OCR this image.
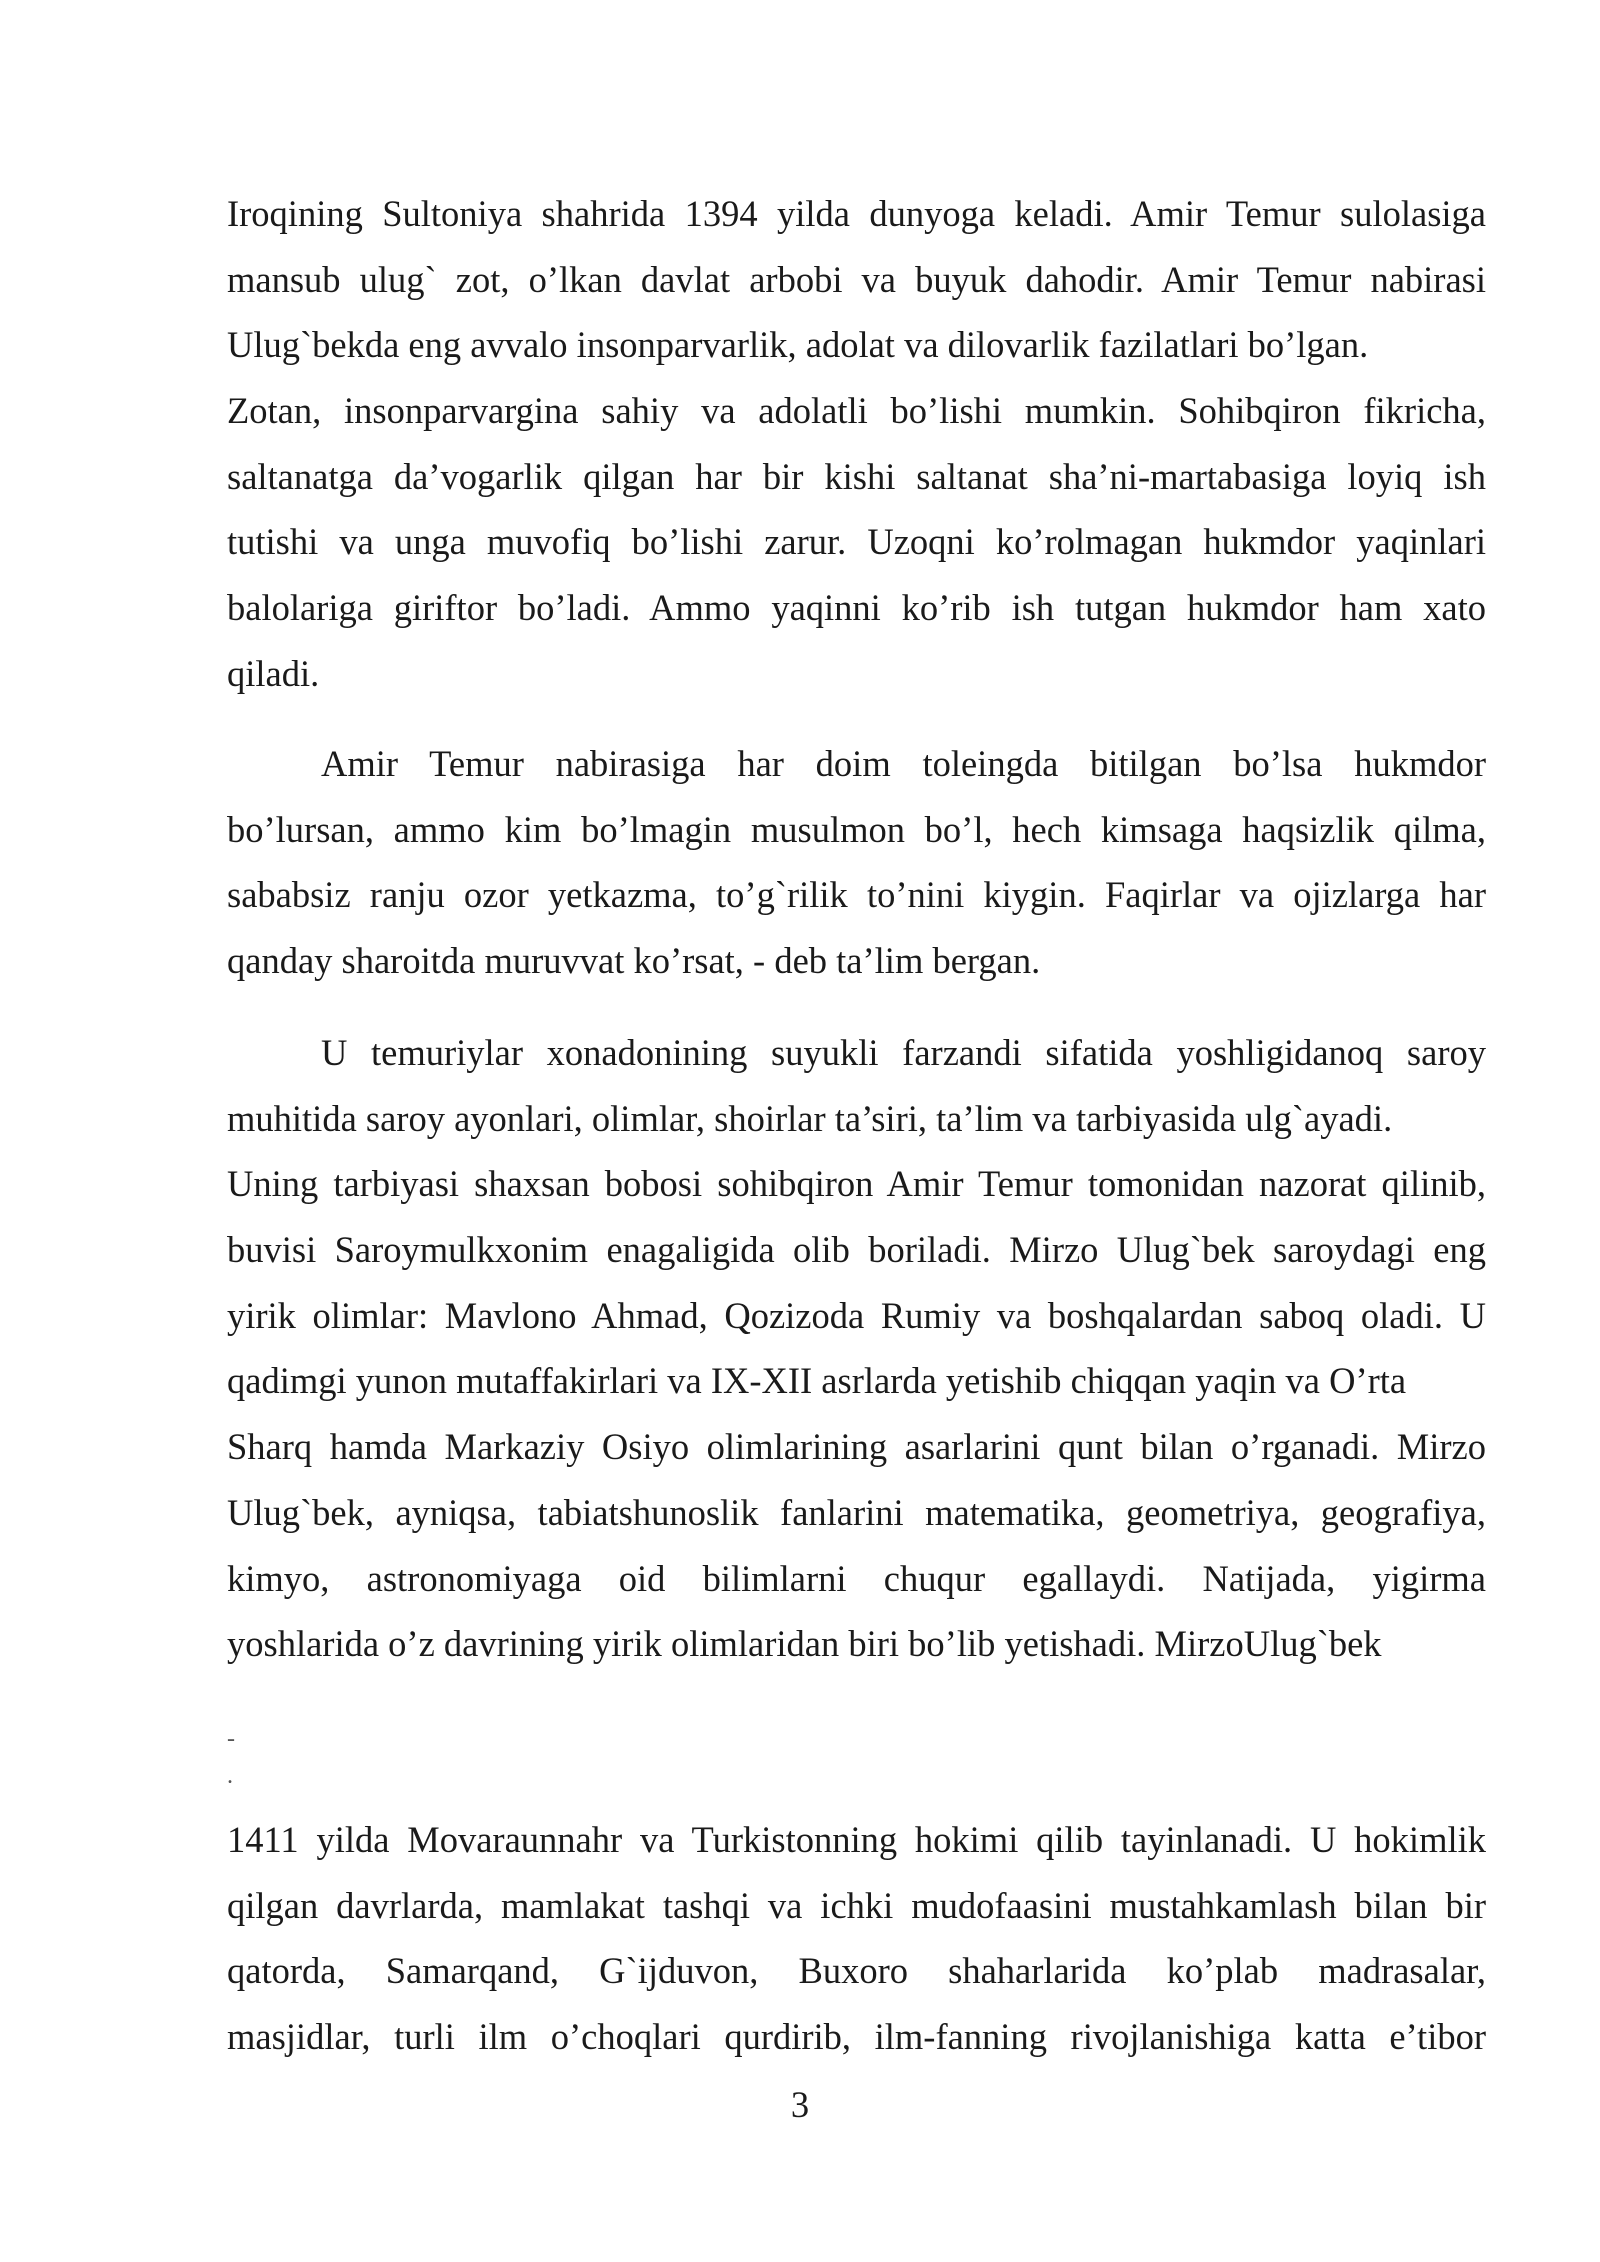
Iroqining Sultoniya shahrida 1394 yilda dunyoga keladi. Amir Temur sulolasiga
mansub ulug` zot, o’lkan davlat arbobi va buyuk dahodir. Amir Temur nabirasi
Ulug`bekda eng avvalo insonparvarlik, adolat va dilovarlik fazilatlari bo’lgan.
Zotan, insonparvargina sahiy va adolatli bo’lishi mumkin. Sohibqiron fikricha,
saltanatga da’vogarlik qilgan har bir kishi saltanat sha’ni-martabasiga loyiq ish
tutishi va unga muvofiq bo’lishi zarur. Uzoqni ko’rolmagan hukmdor yaqinlari
balolariga giriftor bo’ladi. Ammo yaqinni ko’rib ish tutgan hukmdor ham xato
qiladi.
Amir Temur nabirasiga har doim toleingda bitilgan bo’lsa hukmdor
bo’lursan, ammo kim bo’lmagin musulmon bo’l, hech kimsaga haqsizlik qilma,
sababsiz ranju ozor yetkazma, to’g`rilik to’nini kiygin. Faqirlar va ojizlarga har
qanday sharoitda muruvvat ko’rsat, - deb ta’lim bergan.
U temuriylar xonadonining suyukli farzandi sifatida yoshligidanoq saroy
muhitida saroy ayonlari, olimlar, shoirlar ta’siri, ta’lim va tarbiyasida ulg`ayadi.
Uning tarbiyasi shaxsan bobosi sohibqiron Amir Temur tomonidan nazorat qilinib,
buvisi Saroymulkxonim enagaligida olib boriladi. Mirzo Ulug`bek saroydagi eng
yirik olimlar: Mavlono Ahmad, Qozizoda Rumiy va boshqalardan saboq oladi. U
qadimgi yunon mutaffakirlari va IX-XII asrlarda yetishib chiqqan yaqin va O’rta
Sharq hamda Markaziy Osiyo olimlarining asarlarini qunt bilan o’rganadi. Mirzo
Ulug`bek, ayniqsa, tabiatshunoslik fanlarini matematika, geometriya, geografiya,
kimyo, astronomiyaga oid bilimlarni chuqur egallaydi. Natijada, yigirma
yoshlarida o’z davrining yirik olimlaridan biri bo’lib yetishadi. MirzoUlug`bek
-
.
1411 yilda Movaraunnahr va Turkistonning hokimi qilib tayinlanadi. U hokimlik
qilgan davrlarda, mamlakat tashqi va ichki mudofaasini mustahkamlash bilan bir
qatorda, Samarqand, G`ijduvon, Buxoro shaharlarida ko’plab madrasalar,
masjidlar, turli ilm o’choqlari qurdirib, ilm-fanning rivojlanishiga katta e’tibor
3
